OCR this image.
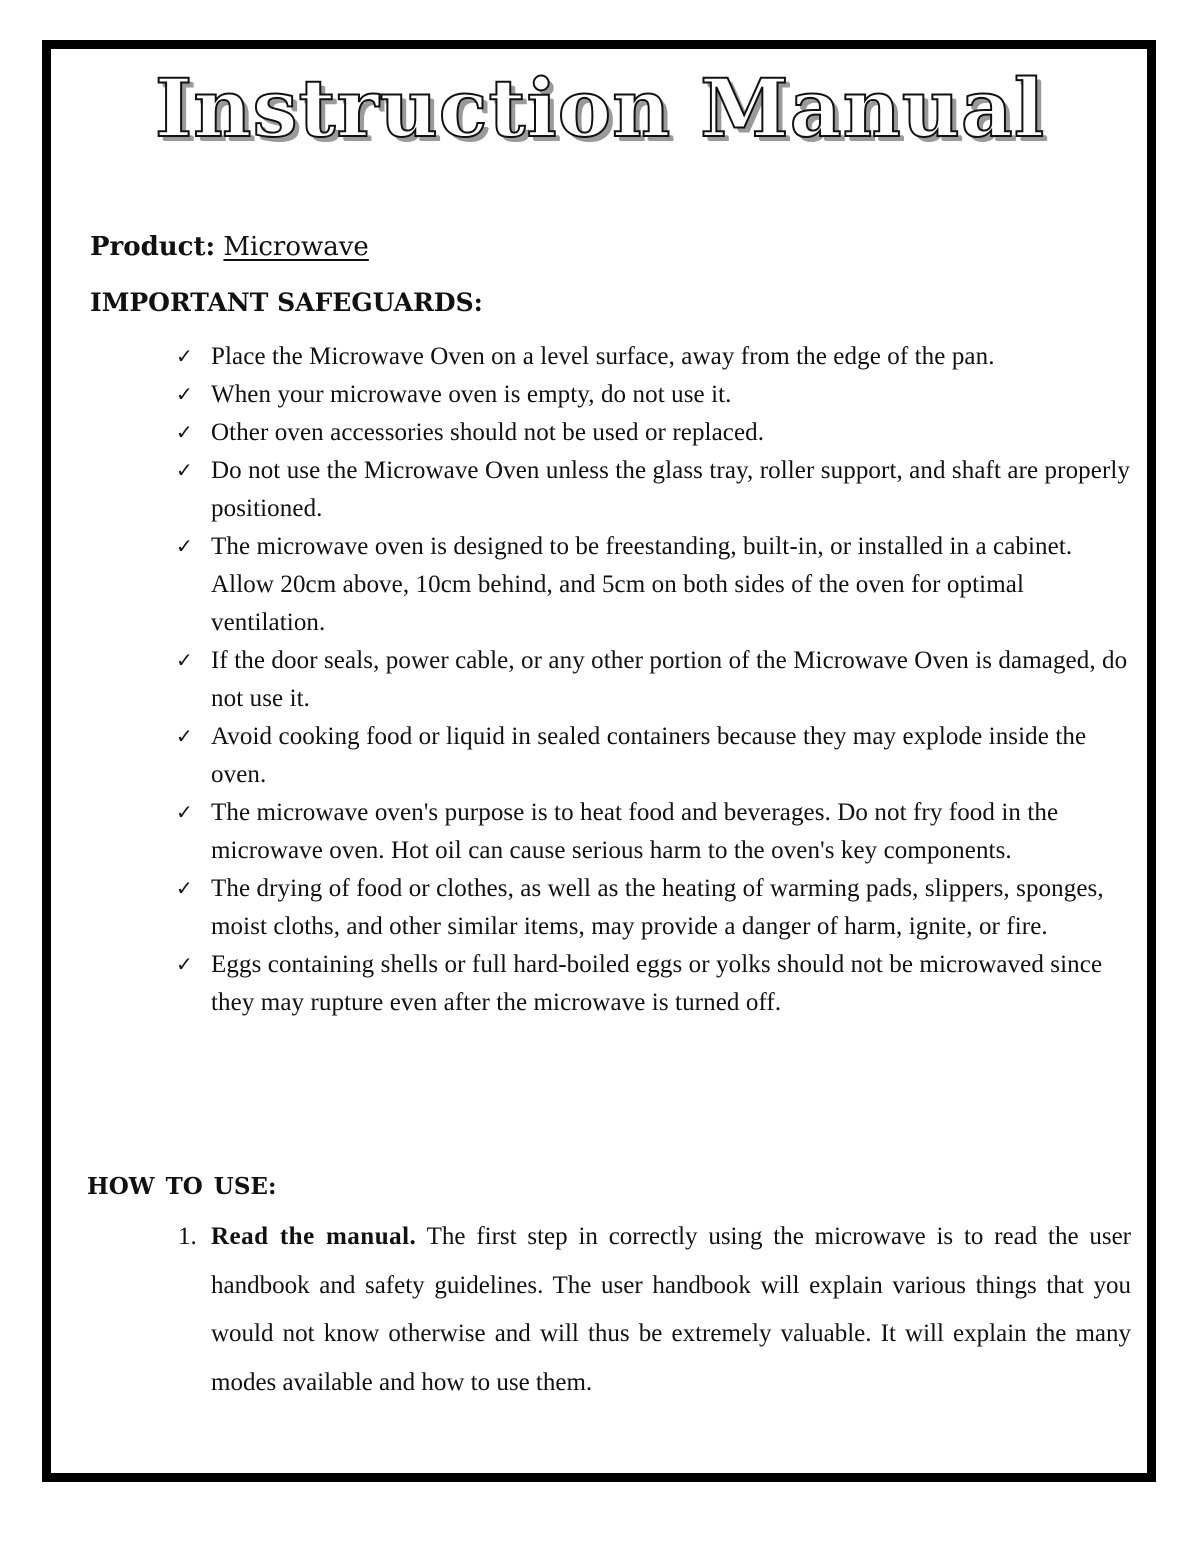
Instruction Manual
Product: Microwave
IMPORTANT SAFEGUARDS:
✓ Place the Microwave Oven on a level surface, away from the edge of the pan.
✓ When your microwave oven is empty, do not use it.
✓ Other oven accessories should not be used or replaced.
✓ Do not use the Microwave Oven unless the glass tray, roller support, and shaft are properly positioned.
✓ The microwave oven is designed to be freestanding, built-in, or installed in a cabinet. Allow 20cm above, 10cm behind, and 5cm on both sides of the oven for optimal ventilation.
✓ If the door seals, power cable, or any other portion of the Microwave Oven is damaged, do not use it.
✓ Avoid cooking food or liquid in sealed containers because they may explode inside the oven.
✓ The microwave oven's purpose is to heat food and beverages. Do not fry food in the microwave oven. Hot oil can cause serious harm to the oven's key components.
✓ The drying of food or clothes, as well as the heating of warming pads, slippers, sponges, moist cloths, and other similar items, may provide a danger of harm, ignite, or fire.
✓ Eggs containing shells or full hard-boiled eggs or yolks should not be microwaved since they may rupture even after the microwave is turned off.
HOW TO USE:
1. Read the manual. The first step in correctly using the microwave is to read the user handbook and safety guidelines. The user handbook will explain various things that you would not know otherwise and will thus be extremely valuable. It will explain the many modes available and how to use them.
